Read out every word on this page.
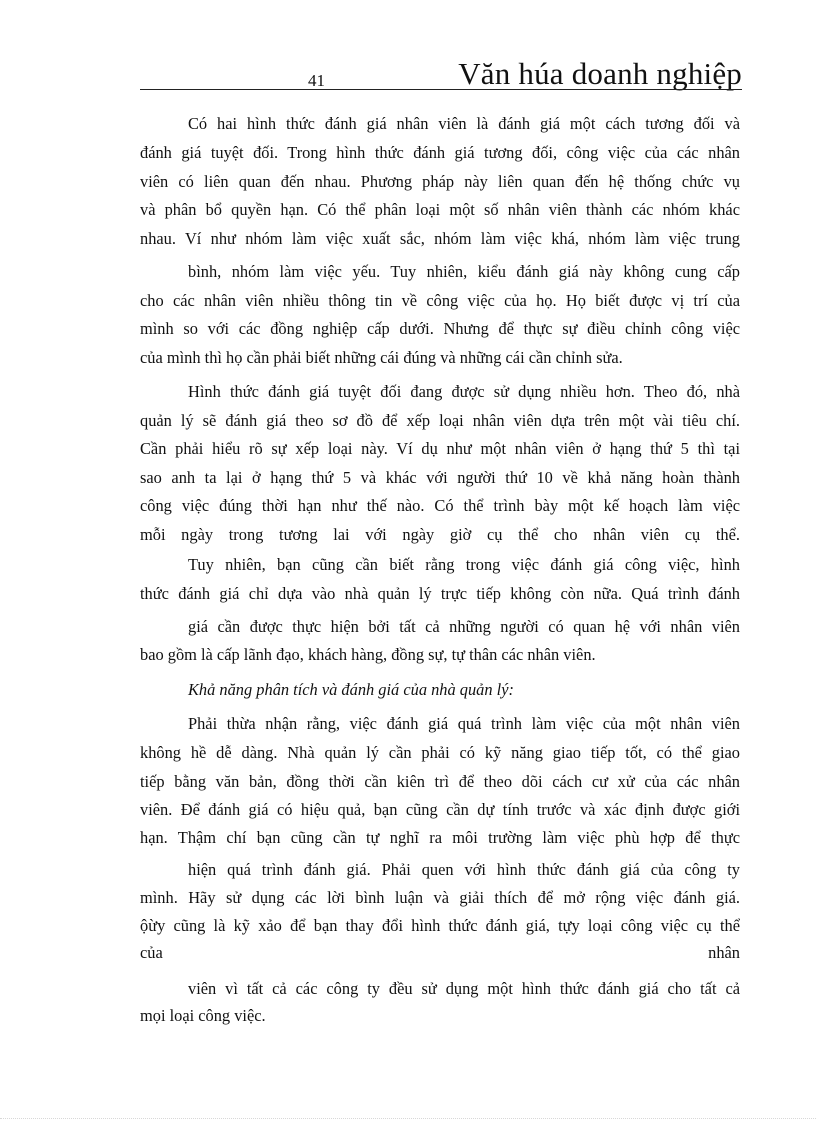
41	Văn húa doanh nghiệp
Có hai hình thức đánh giá nhân viên là đánh giá một cách tương đối và
đánh giá tuyệt đối. Trong hình thức đánh giá tương đối, công việc của các nhân
viên có liên quan đến nhau. Phương pháp này liên quan đến hệ thống chức vụ
và phân bổ quyền hạn. Có thể phân loại một số nhân viên thành các nhóm khác
nhau. Ví như nhóm làm việc xuất sắc, nhóm làm việc khá, nhóm làm việc trung
bình, nhóm làm việc yếu. Tuy nhiên, kiểu đánh giá này không cung cấp
cho các nhân viên nhiều thông tin về công việc của họ. Họ biết được vị trí của
mình so với các đồng nghiệp cấp dưới. Nhưng để thực sự điều chỉnh công việc
của mình thì họ cần phải biết những cái đúng và những cái cần chỉnh sửa.
Hình thức đánh giá tuyệt đối đang được sử dụng nhiều hơn. Theo đó, nhà
quản lý sẽ đánh giá theo sơ đồ để xếp loại nhân viên dựa trên một vài tiêu chí.
Cần phải hiểu rõ sự xếp loại này. Ví dụ như một nhân viên ở hạng thứ 5 thì tại
sao anh ta lại ở hạng thứ 5 và khác với người thứ 10 về khả năng hoàn thành
công việc đúng thời hạn như thế nào. Có thể trình bày một kế hoạch làm việc
mỗi ngày trong tương lai với ngày giờ cụ thể cho nhân viên cụ thể.
Tuy nhiên, bạn cũng cần biết rằng trong việc đánh giá công việc, hình
thức đánh giá chỉ dựa vào nhà quản lý trực tiếp không còn nữa. Quá trình đánh
giá cần được thực hiện bởi tất cả những người có quan hệ với nhân viên
bao gồm là cấp lãnh đạo, khách hàng, đồng sự, tự thân các nhân viên.
Khả năng phân tích và đánh giá của nhà quản lý:
Phải thừa nhận rằng, việc đánh giá quá trình làm việc của một nhân viên
không hề dễ dàng. Nhà quản lý cần phải có kỹ năng giao tiếp tốt, có thể giao
tiếp bằng văn bản, đồng thời cần kiên trì để theo dõi cách cư xử của các nhân
viên. Để đánh giá có hiệu quả, bạn cũng cần dự tính trước và xác định được giới
hạn. Thậm chí bạn cũng cần tự nghĩ ra môi trường làm việc phù hợp để thực
hiện quá trình đánh giá. Phải quen với hình thức đánh giá của công ty
mình. Hãy sử dụng các lời bình luận và giải thích để mở rộng việc đánh giá.
ộừy cũng là kỹ xảo để bạn thay đổi hình thức đánh giá, tựy loại công việc cụ thể
của nhân
viên vì tất cả các công ty đều sử dụng một hình thức đánh giá cho tất cả
mọi loại công việc.
